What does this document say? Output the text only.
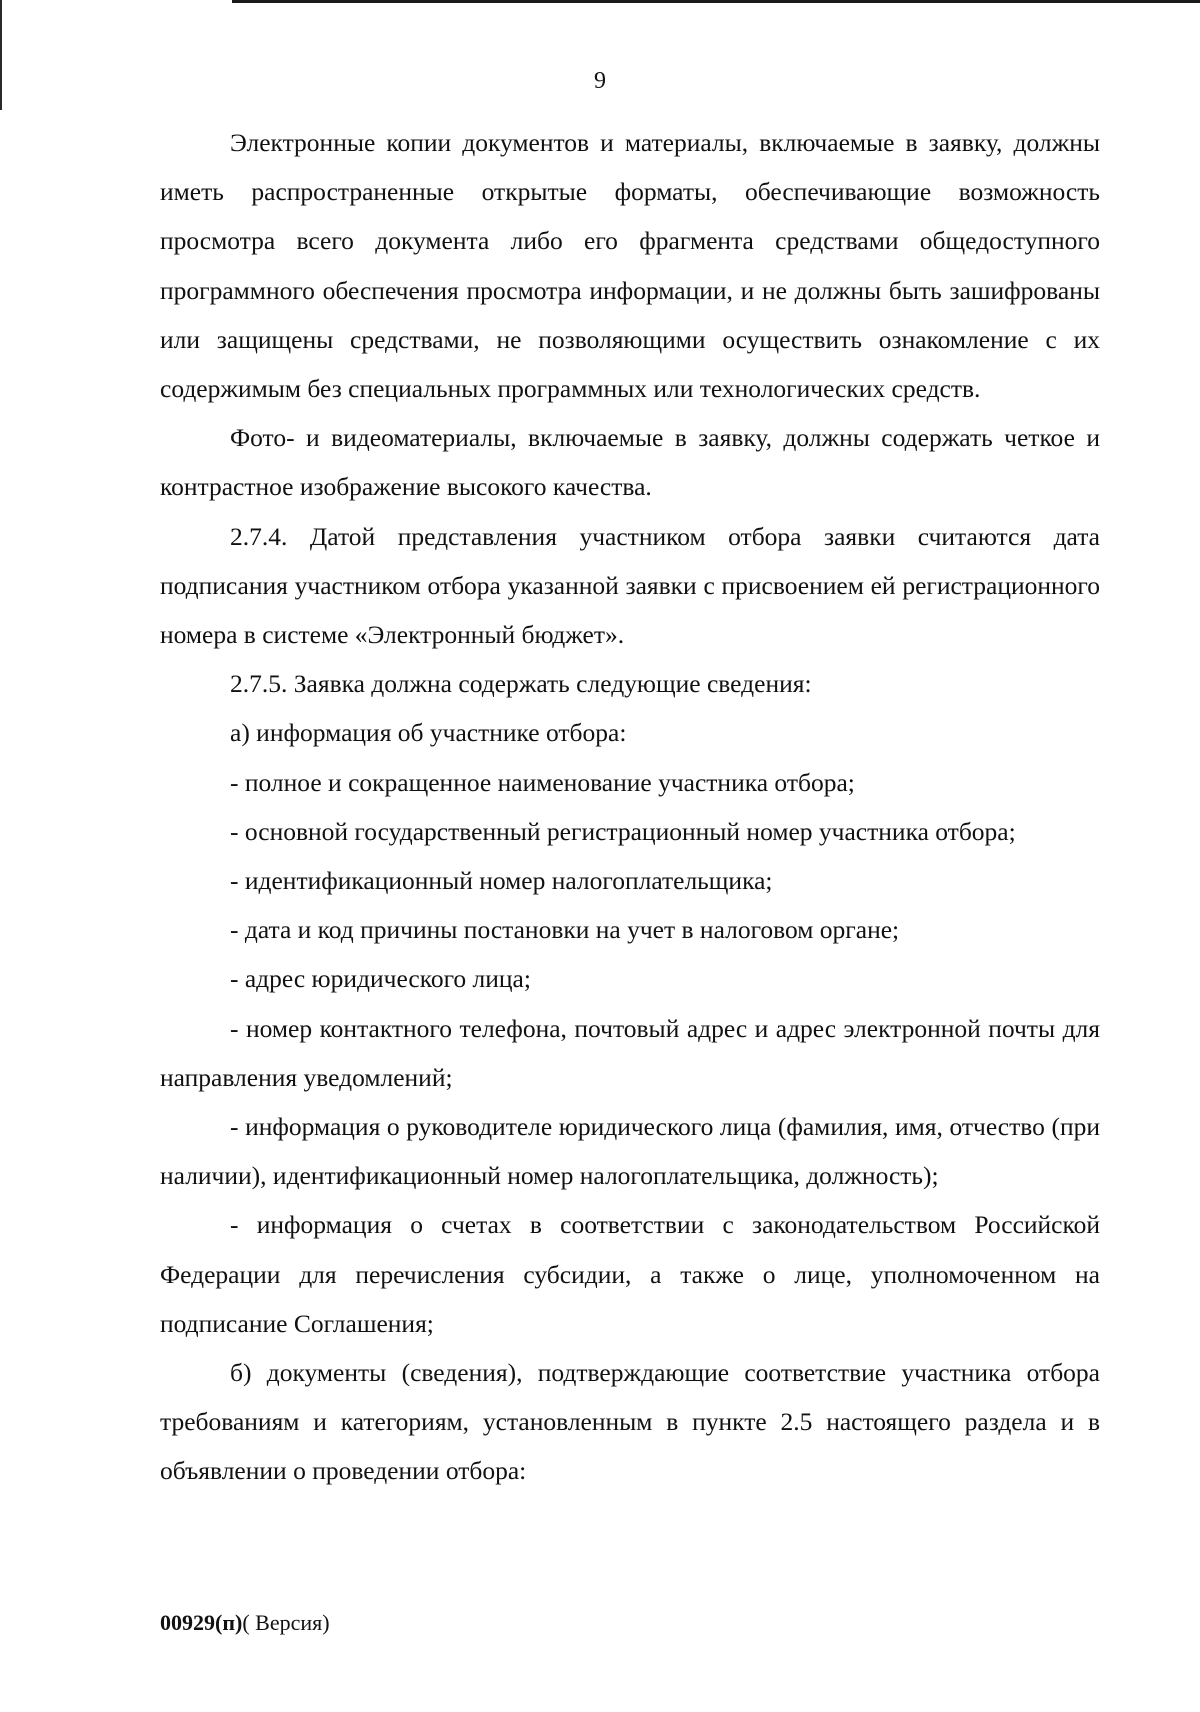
9

Электронные копии документов и материалы, включаемые в заявку, должны иметь распространенные открытые форматы, обеспечивающие возможность просмотра всего документа либо его фрагмента средствами общедоступного программного обеспечения просмотра информации, и не должны быть зашифрованы или защищены средствами, не позволяющими осуществить ознакомление с их содержимым без специальных программных или технологических средств.

Фото- и видеоматериалы, включаемые в заявку, должны содержать четкое и контрастное изображение высокого качества.

2.7.4. Датой представления участником отбора заявки считаются дата подписания участником отбора указанной заявки с присвоением ей регистрационного номера в системе «Электронный бюджет».

2.7.5. Заявка должна содержать следующие сведения:

а) информация об участнике отбора:

- полное и сокращенное наименование участника отбора;

- основной государственный регистрационный номер участника отбора;

- идентификационный номер налогоплательщика;

- дата и код причины постановки на учет в налоговом органе;

- адрес юридического лица;

- номер контактного телефона, почтовый адрес и адрес электронной почты для направления уведомлений;

- информация о руководителе юридического лица (фамилия, имя, отчество (при наличии), идентификационный номер налогоплательщика, должность);

- информация о счетах в соответствии с законодательством Российской Федерации для перечисления субсидии, а также о лице, уполномоченном на подписание Соглашения;

б) документы (сведения), подтверждающие соответствие участника отбора требованиям и категориям, установленным в пункте 2.5 настоящего раздела и в объявлении о проведении отбора:

00929(п)( Версия)
